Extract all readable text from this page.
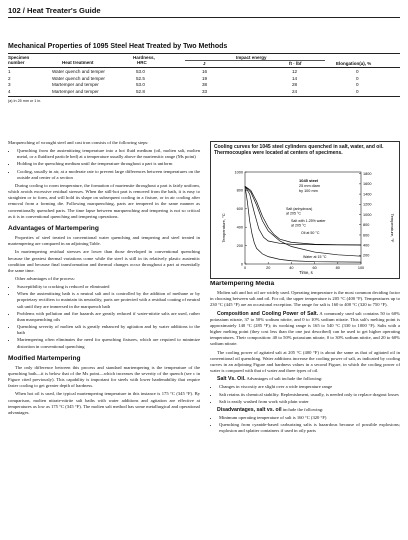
102 / Heat Treater's Guide
Mechanical Properties of 1095 Steel Heat Treated by Two Methods
Specimen
number	Heat treatment
Hardness,
HRC
Impact energy
J	ft · lbf	Elongation(a), %
1	Water quench and temper	53.0	16	12	0
2	Water quench and temper	52.5	19	14	0
3	Martemper and temper	53.0	38	28	0
4	Martemper and temper	52.8	33	24	0
(a) In 25 mm or 1 in.

Marquenching of wrought steel and cast iron consists of the following steps:

• Quenching from the austenitizing temperature into a hot fluid medium (oil, molten salt, molten metal, or a fluidized particle bed) at a temperature usually above the martensitic range (Ms point)
• Holding in the quenching medium until the temperature throughout a part is uniform
• Cooling, usually in air, at a moderate rate to prevent large differences between temperatures on the outside and center of a section

During cooling to room temperature, the formation of martensite throughout a part is fairly uniform, which avoids excessive residual stresses. When the still-hot part is removed from the bath, it is easy to straighten or to form, and will hold its shape on subsequent cooling in a fixture, or in air cooling after removal from a forming die. Following marquenching, parts are tempered in the same manner as conventionally quenched parts. The time lapse between marquenching and tempering is not so critical as it is in conventional quenching and tempering operations.

Advantages of Martempering

Properties of steel treated in conventional water quenching and tempering and steel treated in martempering are compared in an adjoining Table.

In martempering residual stresses are lower than those developed in conventional quenching because the greatest thermal variations come while the steel is still in its relatively plastic austenitic condition and because final transformation and thermal changes occur throughout a part at essentially the same time.

Other advantages of the process:

• Susceptibility to cracking is reduced or eliminated
• When the austenitizing bath is a neutral salt and is controlled by the addition of methane or by proprietary rectifiers to maintain its neutrality, parts are protected with a residual coating of neutral salt until they are immersed in the marquench bath
• Problems with pollution and fire hazards are greatly reduced if water-nitrite salts are used, rather than marquenching oils
• Quenching severity of molten salt is greatly enhanced by agitation and by water additions to the bath
• Martempering often eliminates the need for quenching fixtures, which are required to minimize distortion in conventional quenching
Modified Martempering

The only difference between this process and standard martempering is the temperature of the quenching bath—it is below that of the Ms point—which increases the severity of the quench (see c in Figure cited previously). This capability is important for steels with lower hardenability that require faster cooling to get greater depth of hardness.

When hot oil is used, the typical martempering temperature in this instance is 175 °C (345 °F). By comparison, molten nitrate-nitrite salt baths with water additions and agitation are effective at temperatures as low as 175 °C (345 °F). The molten salt method has some metallurgical and operational advantages.

Cooling curves for 1045 steel cylinders quenched in salt, water, and oil. Thermocouples were located at centers of specimens.
0	20	40	60	80	100
0
200
400
600
800
1000
200
400
600
800
1000
1200
1400
1600
1800
Temperature, °C	Temperature, °F
Time, s
1045 steel
25 mm diam
by 100 mm
Salt (anhydrous)
at 205 °C
Salt with 1.25% water
at 205 °C
Oil at 50 °C
Water at 15 °C
Martempering Media

Molten salt and hot oil are widely used. Operating temperature is the most common deciding factor in choosing between salt and oil. For oil, the upper temperature is 205 °C (400 °F). Temperatures up to 230 °C (445 °F) are an occasional exception. The range for salt is 160 to 400 °C (320 to 750 °F).

Composition and Cooling Power of Salt. A commonly used salt contains 50 to 60% potassium nitrate, 37 to 50% sodium nitrite, and 0 to 10% sodium nitrate. This salt's melting point is approximately 140 °C (285 °F); its working range is 165 to 540 °C (330 to 1000 °F). Salts with a higher melting point (they cost less than the one just described) can be used to get higher operating temperatures. Their composition: 40 to 50% potassium nitrate, 0 to 30% sodium nitrite, and 20 to 60% sodium nitrate.

The cooling power of agitated salt at 205 °C (400 °F) is about the same as that of agitated oil in conventional oil quenching. Water additions increase the cooling power of salt, as indicated by cooling curves in an adjoining Figure and hardness values in a second Figure, in which the cooling power of water is compared with that of water and three types of oil.

Salt Vs. Oil. Advantages of salt include the following:

• Changes in viscosity are slight over a wide temperature range
• Salt retains its chemical stability. Replenishment, usually, is needed only to replace dragout losses
• Salt is easily washed from work with plain water

Disadvantages, salt vs. oil include the following:

• Minimum operating temperature of salt is 160 °C (320 °F)
• Quenching from cyanide-based carburizing salts is hazardous because of possible explosions; explosion and splatter containers if used in oily parts
